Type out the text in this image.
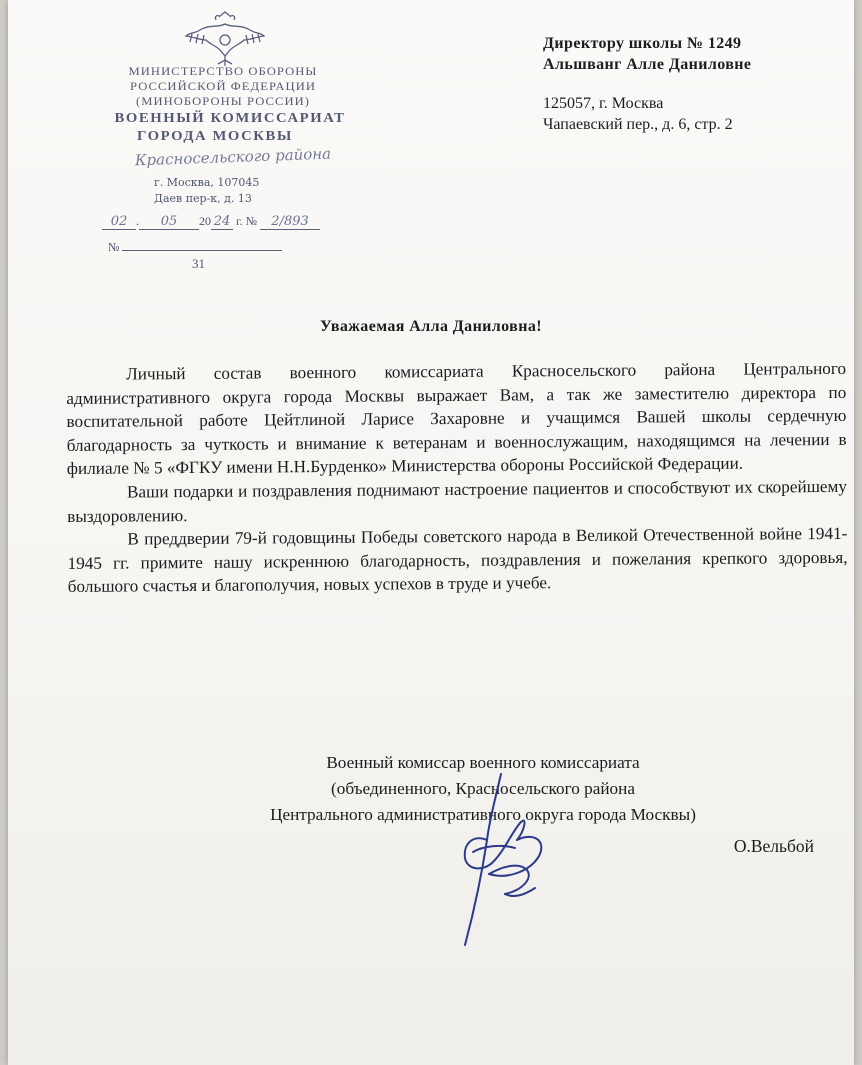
МИНИСТЕРСТВО ОБОРОНЫ
РОССИЙСКОЙ ФЕДЕРАЦИИ
(МИНОБОРОНЫ РОССИИ)
ВОЕННЫЙ КОМИССАРИАТ
ГОРОДА МОСКВЫ
Красносельского района
г. Москва, 107045
Даев пер-к, д. 13
02 . 05 20 24 г. № 2/893
№
31
Директору школы № 1249
Альшванг Алле Даниловне
125057, г. Москва
Чапаевский пер., д. 6, стр. 2
Уважаемая Алла Даниловна!

Личный состав военного комиссариата Красносельского района Центрального административного округа города Москвы выражает Вам, а так же заместителю директора по воспитательной работе Цейтлиной Ларисе Захаровне и учащимся Вашей школы сердечную благодарность за чуткость и внимание к ветеранам и военнослужащим, находящимся на лечении в филиале № 5 «ФГКУ имени Н.Н.Бурденко» Министерства обороны Российской Федерации.

Ваши подарки и поздравления поднимают настроение пациентов и способствуют их скорейшему выздоровлению.

В преддверии 79-й годовщины Победы советского народа в Великой Отечественной войне 1941-1945 гг. примите нашу искреннюю благодарность, поздравления и пожелания крепкого здоровья, большого счастья и благополучия, новых успехов в труде и учебе.

Военный комиссар военного комиссариата
(объединенного, Красносельского района
Центрального административного округа города Москвы)
О.Вельбой
